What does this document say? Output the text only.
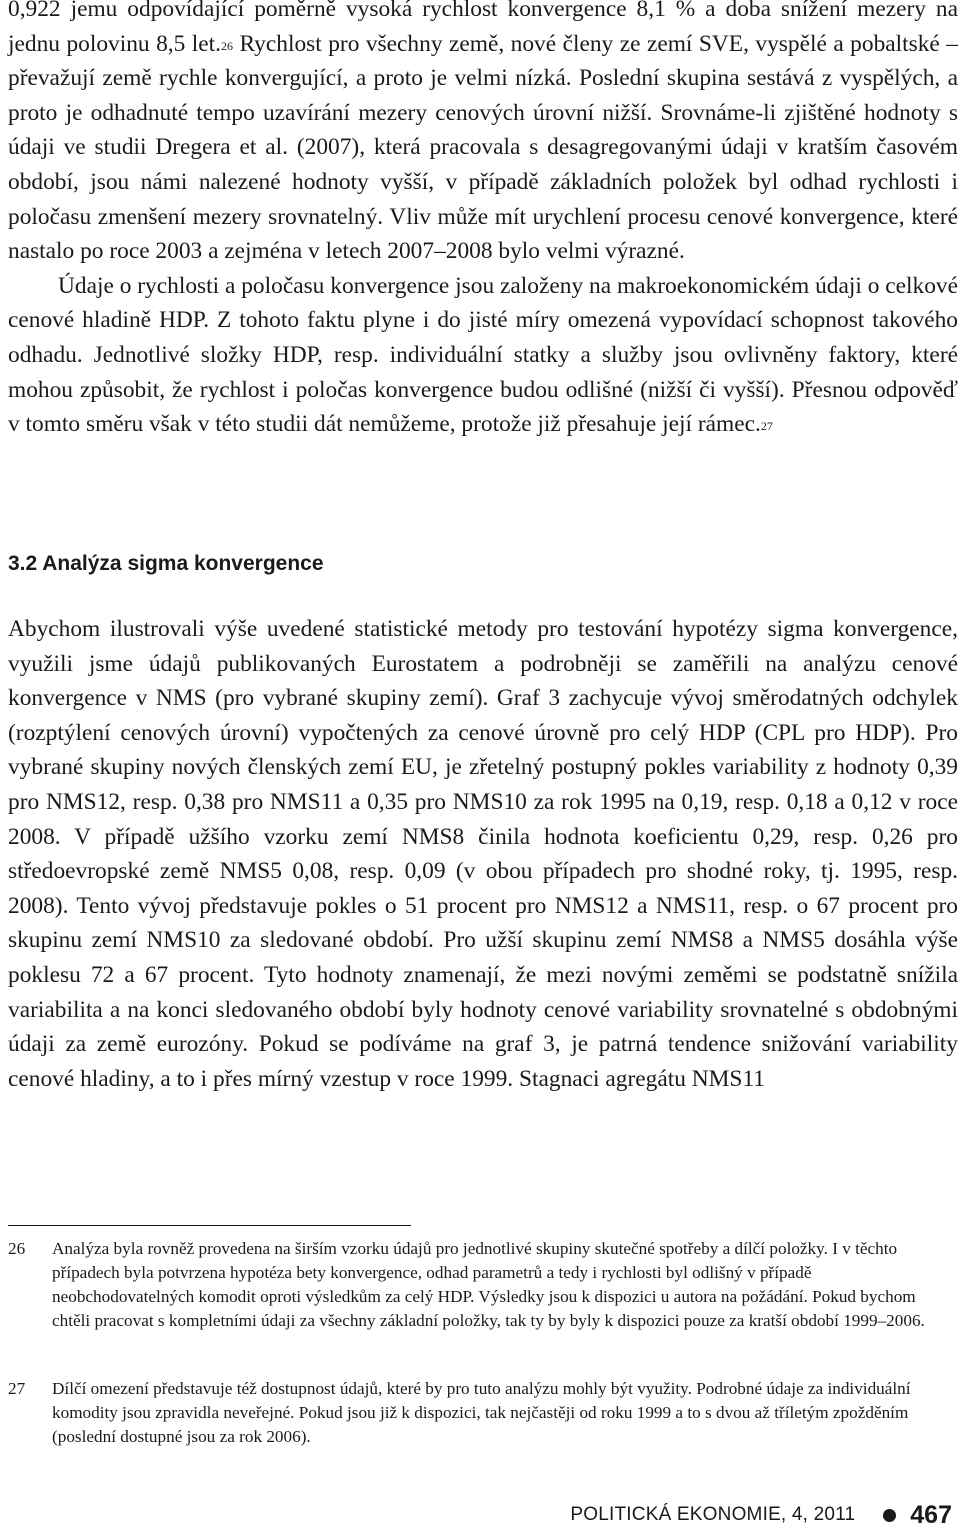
0,922 jemu odpovídající poměrně vysoká rychlost konvergence 8,1 % a doba snížení mezery na jednu polovinu 8,5 let.$^{26}$ Rychlost pro všechny země, nové členy ze zemí SVE, vyspělé a pobaltské – převažují země rychle konvergující, a proto je velmi nízká. Poslední skupina sestává z vyspělých, a proto je odhadnuté tempo uzavírání mezery cenových úrovní nižší. Srovnáme-li zjištěné hodnoty s údaji ve studii Dregera et al. (2007), která pracovala s desagregovanými údaji v kratším časovém období, jsou námi nalezené hodnoty vyšší, v případě základních položek byl odhad rychlosti i poločasu zmenšení mezery srovnatelný. Vliv může mít urychlení procesu cenové konvergence, které nastalo po roce 2003 a zejména v letech 2007–2008 bylo velmi výrazné.

Údaje o rychlosti a poločasu konvergence jsou založeny na makroekonomickém údaji o celkové cenové hladině HDP. Z tohoto faktu plyne i do jisté míry omezená vypovídací schopnost takového odhadu. Jednotlivé složky HDP, resp. individuální statky a služby jsou ovlivněny faktory, které mohou způsobit, že rychlost i poločas konvergence budou odlišné (nižší či vyšší). Přesnou odpověď v tomto směru však v této studii dát nemůžeme, protože již přesahuje její rámec.$^{27}$

3.2 Analýza sigma konvergence

Abychom ilustrovali výše uvedené statistické metody pro testování hypotézy sigma konvergence, využili jsme údajů publikovaných Eurostatem a podrobněji se zaměřili na analýzu cenové konvergence v NMS (pro vybrané skupiny zemí). Graf 3 zachycuje vývoj směrodatných odchylek (rozptýlení cenových úrovní) vypočtených za cenové úrovně pro celý HDP (CPL pro HDP). Pro vybrané skupiny nových členských zemí EU, je zřetelný postupný pokles variability z hodnoty 0,39 pro NMS12, resp. 0,38 pro NMS11 a 0,35 pro NMS10 za rok 1995 na 0,19, resp. 0,18 a 0,12 v roce 2008. V případě užšího vzorku zemí NMS8 činila hodnota koeficientu 0,29, resp. 0,26 pro středoevropské země NMS5 0,08, resp. 0,09 (v obou případech pro shodné roky, tj. 1995, resp. 2008). Tento vývoj představuje pokles o 51 procent pro NMS12 a NMS11, resp. o 67 procent pro skupinu zemí NMS10 za sledované období. Pro užší skupinu zemí NMS8 a NMS5 dosáhla výše poklesu 72 a 67 procent. Tyto hodnoty znamenají, že mezi novými zeměmi se podstatně snížila variabilita a na konci sledovaného období byly hodnoty cenové variability srovnatelné s obdobnými údaji za země eurozóny. Pokud se podíváme na graf 3, je patrná tendence snižování variability cenové hladiny, a to i přes mírný vzestup v roce 1999. Stagnaci agregátu NMS11

26 Analýza byla rovněž provedena na širším vzorku údajů pro jednotlivé skupiny skutečné spotřeby a dílčí položky. I v těchto případech byla potvrzena hypotéza bety konvergence, odhad parametrů a tedy i rychlosti byl odlišný v případě neobchodovatelných komodit oproti výsledkům za celý HDP. Výsledky jsou k dispozici u autora na požádání. Pokud bychom chtěli pracovat s kompletními údaji za všechny základní položky, tak ty by byly k dispozici pouze za kratší období 1999–2006.
27 Dílčí omezení představuje též dostupnost údajů, které by pro tuto analýzu mohly být využity. Podrobné údaje za individuální komodity jsou zpravidla neveřejné. Pokud jsou již k dispozici, tak nejčastěji od roku 1999 a to s dvou až tříletým zpožděním (poslední dostupné jsou za rok 2006).
POLITICKÁ EKONOMIE, 4, 2011 467
